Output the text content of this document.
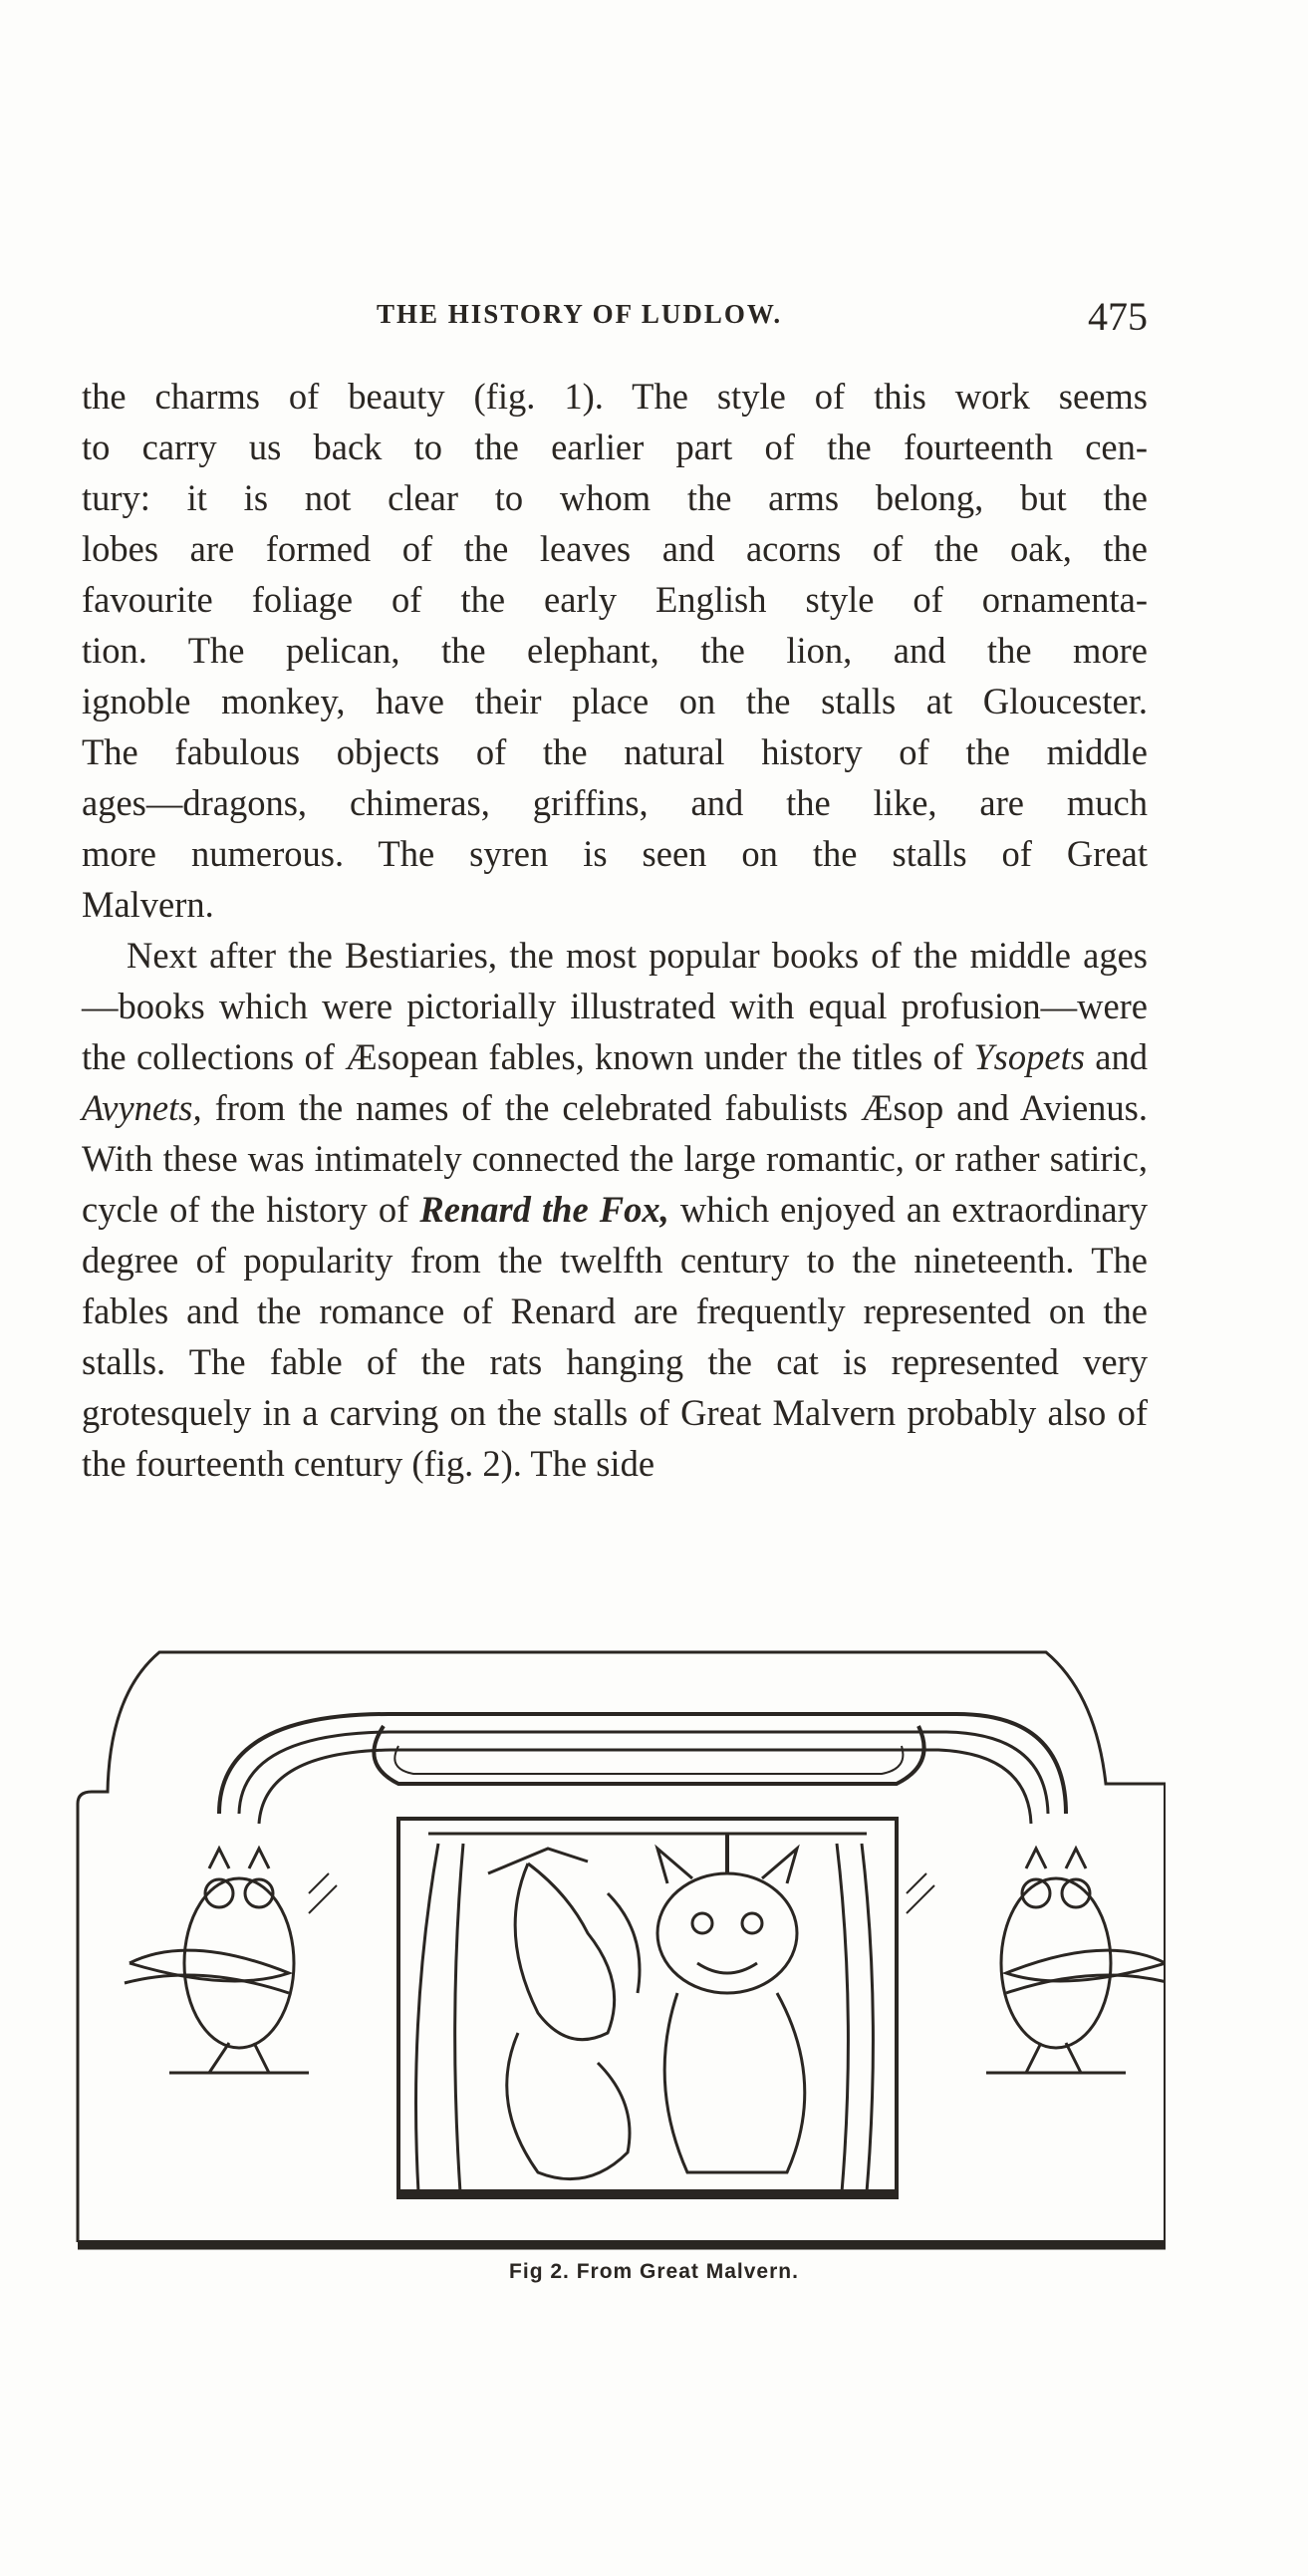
THE HISTORY OF LUDLOW.	475

the charms of beauty (fig. 1). The style of this work seems
to carry us back to the earlier part of the fourteenth cen-
tury: it is not clear to whom the arms belong, but the
lobes are formed of the leaves and acorns of the oak, the
favourite foliage of the early English style of ornamenta-
tion. The pelican, the elephant, the lion, and the more
ignoble monkey, have their place on the stalls at Gloucester.
The fabulous objects of the natural history of the middle
ages—dragons, chimeras, griffins, and the like, are much
more numerous. The syren is seen on the stalls of Great
Malvern.

Next after the Bestiaries, the most popular books of the middle ages—books which were pictorially illustrated with equal profusion—were the collections of Æsopean fables, known under the titles of Ysopets and Avynets, from the names of the celebrated fabulists Æsop and Avienus. With these was intimately connected the large romantic, or rather satiric, cycle of the history of Renard the Fox, which enjoyed an extraordinary degree of popularity from the twelfth century to the nineteenth. The fables and the romance of Renard are frequently represented on the stalls. The fable of the rats hanging the cat is represented very grotesquely in a carving on the stalls of Great Malvern probably also of the fourteenth century (fig. 2). The side

Fig 2. From Great Malvern.
